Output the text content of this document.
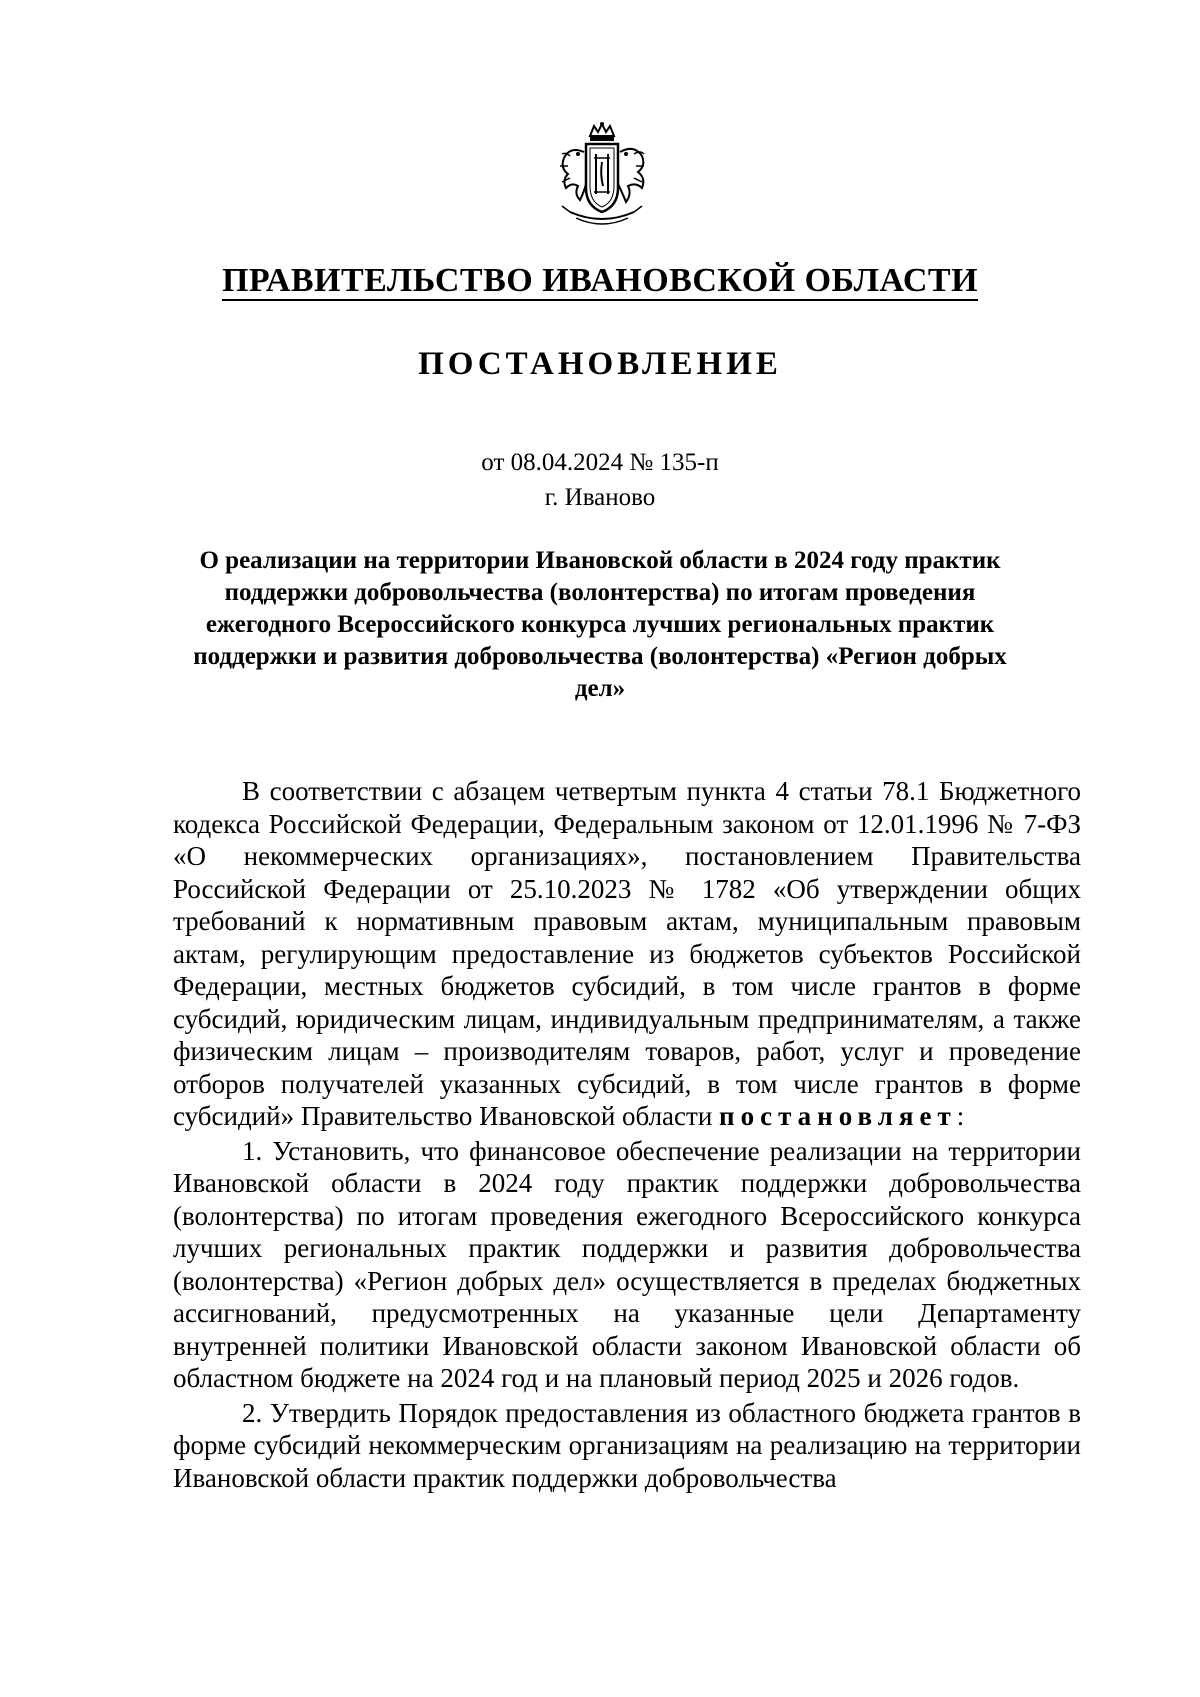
ПРАВИТЕЛЬСТВО ИВАНОВСКОЙ ОБЛАСТИ
ПОСТАНОВЛЕНИЕ
от 08.04.2024 № 135-п
г. Иваново
О реализации на территории Ивановской области в 2024 году практик поддержки добровольчества (волонтерства) по итогам проведения ежегодного Всероссийского конкурса лучших региональных практик поддержки и развития добровольчества (волонтерства) «Регион добрых дел»

В соответствии с абзацем четвертым пункта 4 статьи 78.1 Бюджетного кодекса Российской Федерации, Федеральным законом от 12.01.1996 № 7-ФЗ «О некоммерческих организациях», постановлением Правительства Российской Федерации от 25.10.2023 № 1782 «Об утверждении общих требований к нормативным правовым актам, муниципальным правовым актам, регулирующим предоставление из бюджетов субъектов Российской Федерации, местных бюджетов субсидий, в том числе грантов в форме субсидий, юридическим лицам, индивидуальным предпринимателям, а также физическим лицам – производителям товаров, работ, услуг и проведение отборов получателей указанных субсидий, в том числе грантов в форме субсидий» Правительство Ивановской области постановляет:

1. Установить, что финансовое обеспечение реализации на территории Ивановской области в 2024 году практик поддержки добровольчества (волонтерства) по итогам проведения ежегодного Всероссийского конкурса лучших региональных практик поддержки и развития добровольчества (волонтерства) «Регион добрых дел» осуществляется в пределах бюджетных ассигнований, предусмотренных на указанные цели Департаменту внутренней политики Ивановской области законом Ивановской области об областном бюджете на 2024 год и на плановый период 2025 и 2026 годов.

2. Утвердить Порядок предоставления из областного бюджета грантов в форме субсидий некоммерческим организациям на реализацию на территории Ивановской области практик поддержки добровольчества
